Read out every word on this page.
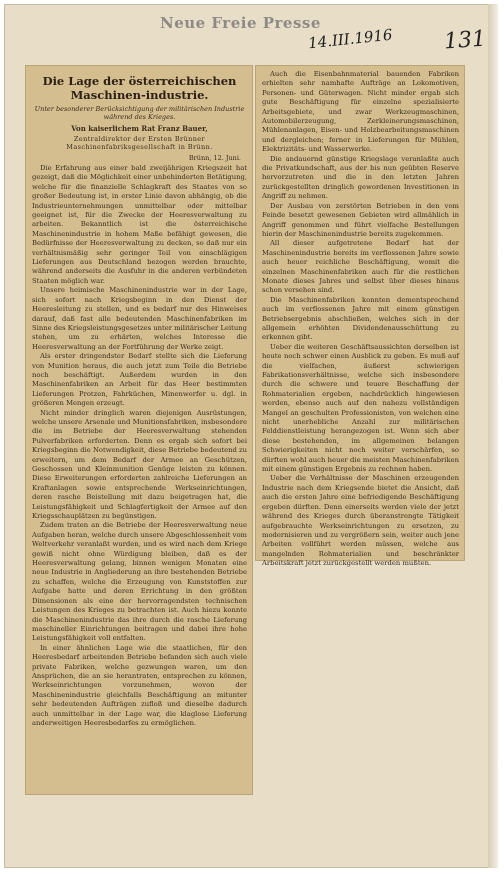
Neue Freie Presse
14.III.1916 131
Die Lage der österreichischen Maschinen-industrie.
Unter besonderer Berücksichtigung der militärischen Industrie während des Krieges.
Von kaiserlichem Rat Franz Bauer,
Zentraldirektor der Ersten Brünner Maschinenfabriksgesellschaft in Brünn.
Brünn, 12. Juni.

Die Erfahrung aus einer bald zweijährigen Kriegszeit hat gezeigt, daß die Möglichkeit einer unbehinderten Betätigung, welche für die finanzielle Schlagkraft des Staates von so großer Bedeutung ist, in erster Linie davon abhängig, ob die Industrieunternehmungen unmittelbar oder mittelbar geeignet ist, für die Zwecke der Heeresverwaltung zu arbeiten. Bekanntlich ist die österreichische Maschinenindustrie in hohem Maße befähigt gewesen, die Bedürfnisse der Heeresverwaltung zu decken, so daß nur ein verhältnismäßig sehr geringer Teil von einschlägigen Lieferungen aus Deutschland bezogen werden brauchte, während anderseits die Ausfuhr in die anderen verbündeten Staaten möglich war.

Unsere heimische Maschinenindustrie war in der Lage, sich sofort nach Kriegsbeginn in den Dienst der Heeresleitung zu stellen, und es bedarf nur des Hinweises darauf, daß fast alle bedeutenden Maschinenfabriken im Sinne des Kriegsleistungsgesetzes unter militärischer Leitung stehen, um zu erhärten, welches Interesse die Heeresverwaltung an der Fortführung der Werke zeigt.

Als erster dringendster Bedarf stellte sich die Lieferung von Munition heraus, die auch jetzt zum Teile die Betriebe noch beschäftigt. Außerdem wurden in den Maschinenfabriken an Arbeit für das Heer bestimmten Lieferungen Protzen, Fahrküchen, Minenwerfer u. dgl. in größeren Mengen erzeugt.

Nicht minder dringlich waren diejenigen Ausrüstungen, welche unsere Arsenale und Munitionsfabriken, insbesondere die im Betriebe der Heeresverwaltung stehenden Pulverfabriken erforderten. Denn es ergab sich sofort bei Kriegsbeginn die Notwendigkeit, diese Betriebe bedeutend zu erweitern, um dem Bedarf der Armee an Geschützen, Geschossen und Kleinmunition Genüge leisten zu können. Diese Erweiterungen erforderten zahlreiche Lieferungen an Kraftanlagen sowie entsprechende Werkseinrichtungen, deren rasche Beistellung mit dazu beigetragen hat, die Leistungsfähigkeit und Schlagfertigkeit der Armee auf den Kriegsschauplätzen zu begünstigen.

Zudem traten an die Betriebe der Heeresverwaltung neue Aufgaben heran, welche durch unsere Abgeschlossenheit vom Weltverkehr veranlaßt wurden, und es wird nach dem Kriege gewiß nicht ohne Würdigung bleiben, daß es der Heeresverwaltung gelang, binnen wenigen Monaten eine neue Industrie in Angliederung an ihre bestehenden Betriebe zu schaffen, welche die Erzeugung von Kunststoffen zur Aufgabe hatte und deren Errichtung in den größten Dimensionen als eine der hervorragendsten technischen Leistungen des Krieges zu betrachten ist. Auch hiezu konnte die Maschinenindustrie das ihre durch die rasche Lieferung maschineller Einrichtungen beitragen und dabei ihre hohe Leistungsfähigkeit voll entfalten.

In einer ähnlichen Lage wie die staatlichen, für den Heeresbedarf arbeitenden Betriebe befanden sich auch viele private Fabriken, welche gezwungen waren, um den Ansprüchen, die an sie herantraten, entsprechen zu können, Werkseinrichtungen vorzunehmen, wovon der Maschinenindustrie gleichfalls Beschäftigung an mitunter sehr bedeutenden Aufträgen zufloß und dieselbe dadurch auch unmittelbar in der Lage war, die klaglose Lieferung anderweitigen Heeresbedarfes zu ermöglichen.

Auch die Eisenbahnmaterial bauenden Fabriken erhielten sehr namhafte Aufträge an Lokomotiven, Personen- und Güterwagen. Nicht minder ergab sich gute Beschäftigung für einzelne spezialisierte Arbeitsgebiete, und zwar Werkzeugmaschinen, Automobilerzeugung, Zerkleinerungsmaschinen, Mühlenanlagen, Eisen- und Holzbearbeitungsmaschinen und dergleichen; ferner in Lieferungen für Mühlen, Elektrizitäts- und Wasserwerke.

Die andauernd günstige Kriegslage veranlaßte auch die Privatkundschaft, aus der bis nun geübten Reserve hervorzutreten und die in den letzten Jahren zurückgestellten dringlich gewordenen Investitionen in Angriff zu nehmen.

Der Ausbau von zerstörten Betrieben in den vom Feinde besetzt gewesenen Gebieten wird allmählich in Angriff genommen und führt vielfache Bestellungen hierin der Maschinenindustrie bereits zugekommen.

All dieser aufgetretene Bedarf hat der Maschinenindustrie bereits im verflossenen Jahre sowie auch heuer reichliche Beschäftigung, womit die einzelnen Maschinenfabriken auch für die restlichen Monate dieses Jahres und selbst über dieses hinaus schon versehen sind.

Die Maschinenfabriken konnten dementsprechend auch im verflossenen Jahre mit einem günstigen Betriebsergebnis abschließen, welches sich in der allgemein erhöhten Dividendenausschüttung zu erkennen gibt.

Ueber die weiteren Geschäftsaussichten derselben ist heute noch schwer einen Ausblick zu geben. Es muß auf die vielfachen, äußerst schwierigen Fabrikationsverhältnisse, welche sich insbesondere durch die schwere und teuere Beschaffung der Rohmaterialien ergeben, nachdrücklich hingewiesen werden, ebenso auch auf den nahezu vollständigen Mangel an geschulten Professionisten, von welchen eine nicht unerhebliche Anzahl zur militärischen Felddienstleistung herangezogen ist. Wenn sich aber diese bestehenden, im allgemeinen belangen Schwierigkeiten nicht noch weiter verschärfen, so dürften wohl auch heuer die meisten Maschinenfabriken mit einem günstigen Ergebnis zu rechnen haben.

Ueber die Verhältnisse der Maschinen erzeugenden Industrie nach dem Kriegsende bietet die Ansicht, daß auch die ersten Jahre eine befriedigende Beschäftigung ergeben dürften. Denn einerseits werden viele der jetzt während des Krieges durch überanstrengte Tätigkeit aufgebrauchte Werkseinrichtungen zu ersetzen, zu modernisieren und zu vergrößern sein, weiter auch jene Arbeiten vollführt werden müssen, welche aus mangelnden Rohmaterialien und beschränkter Arbeitskraft jetzt zurückgestellt werden mußten.
